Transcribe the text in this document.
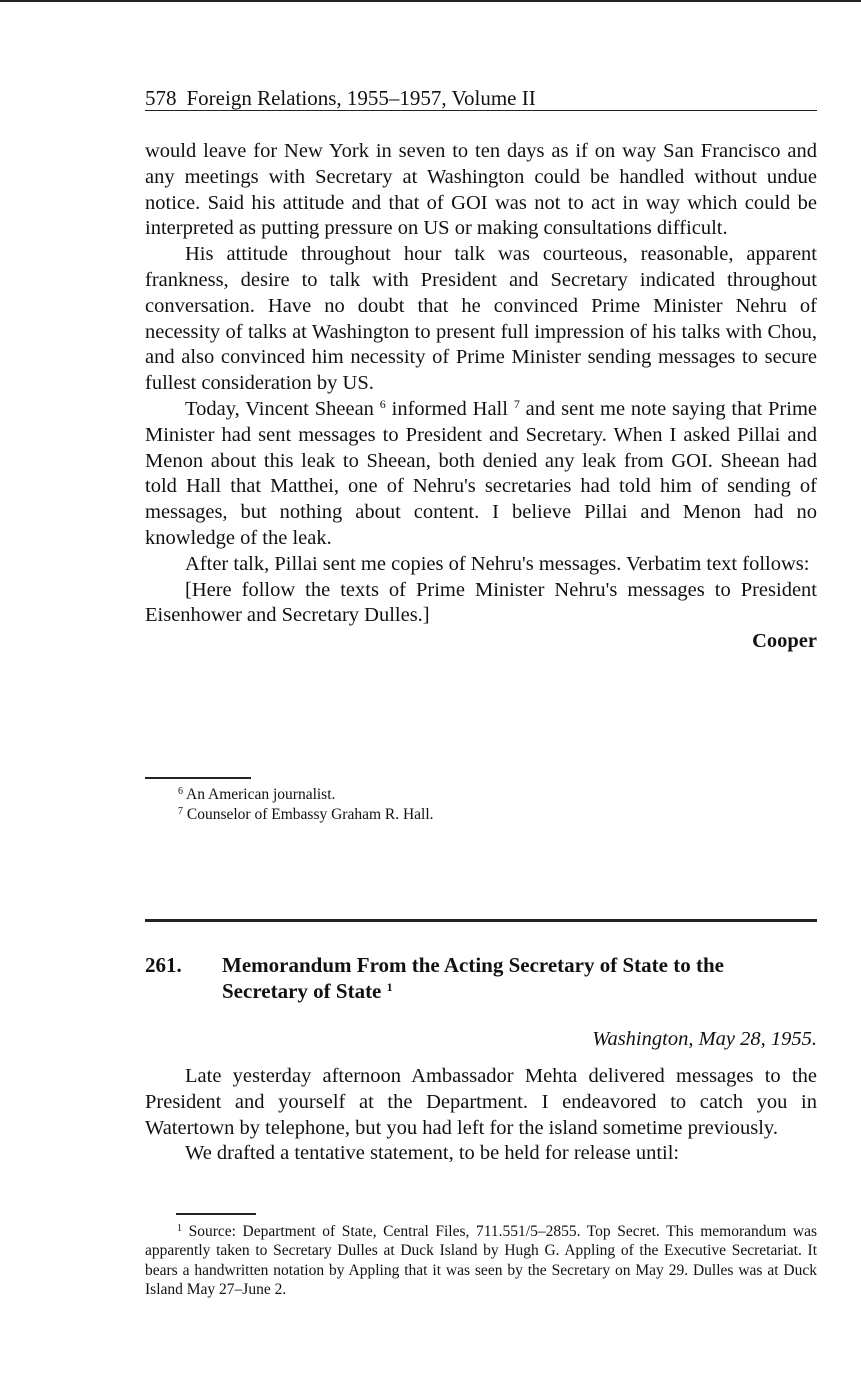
578 Foreign Relations, 1955–1957, Volume II

would leave for New York in seven to ten days as if on way San Francisco and any meetings with Secretary at Washington could be handled without undue notice. Said his attitude and that of GOI was not to act in way which could be interpreted as putting pressure on US or making consultations difficult.

His attitude throughout hour talk was courteous, reasonable, apparent frankness, desire to talk with President and Secretary indicated throughout conversation. Have no doubt that he convinced Prime Minister Nehru of necessity of talks at Washington to present full impression of his talks with Chou, and also convinced him necessity of Prime Minister sending messages to secure fullest consideration by US.

Today, Vincent Sheean $^6$ informed Hall $^7$ and sent me note saying that Prime Minister had sent messages to President and Secretary. When I asked Pillai and Menon about this leak to Sheean, both denied any leak from GOI. Sheean had told Hall that Matthei, one of Nehru's secretaries had told him of sending of messages, but nothing about content. I believe Pillai and Menon had no knowledge of the leak.

After talk, Pillai sent me copies of Nehru's messages. Verbatim text follows:

[Here follow the texts of Prime Minister Nehru's messages to President Eisenhower and Secretary Dulles.]

Cooper

$^6$ An American journalist.

$^7$ Counselor of Embassy Graham R. Hall.

261. Memorandum From the Acting Secretary of State to the Secretary of State $^1$
Washington, May 28, 1955.

Late yesterday afternoon Ambassador Mehta delivered messages to the President and yourself at the Department. I endeavored to catch you in Watertown by telephone, but you had left for the island sometime previously.

We drafted a tentative statement, to be held for release until:

$^1$ Source: Department of State, Central Files, 711.551/5–2855. Top Secret. This memorandum was apparently taken to Secretary Dulles at Duck Island by Hugh G. Appling of the Executive Secretariat. It bears a handwritten notation by Appling that it was seen by the Secretary on May 29. Dulles was at Duck Island May 27–June 2.
